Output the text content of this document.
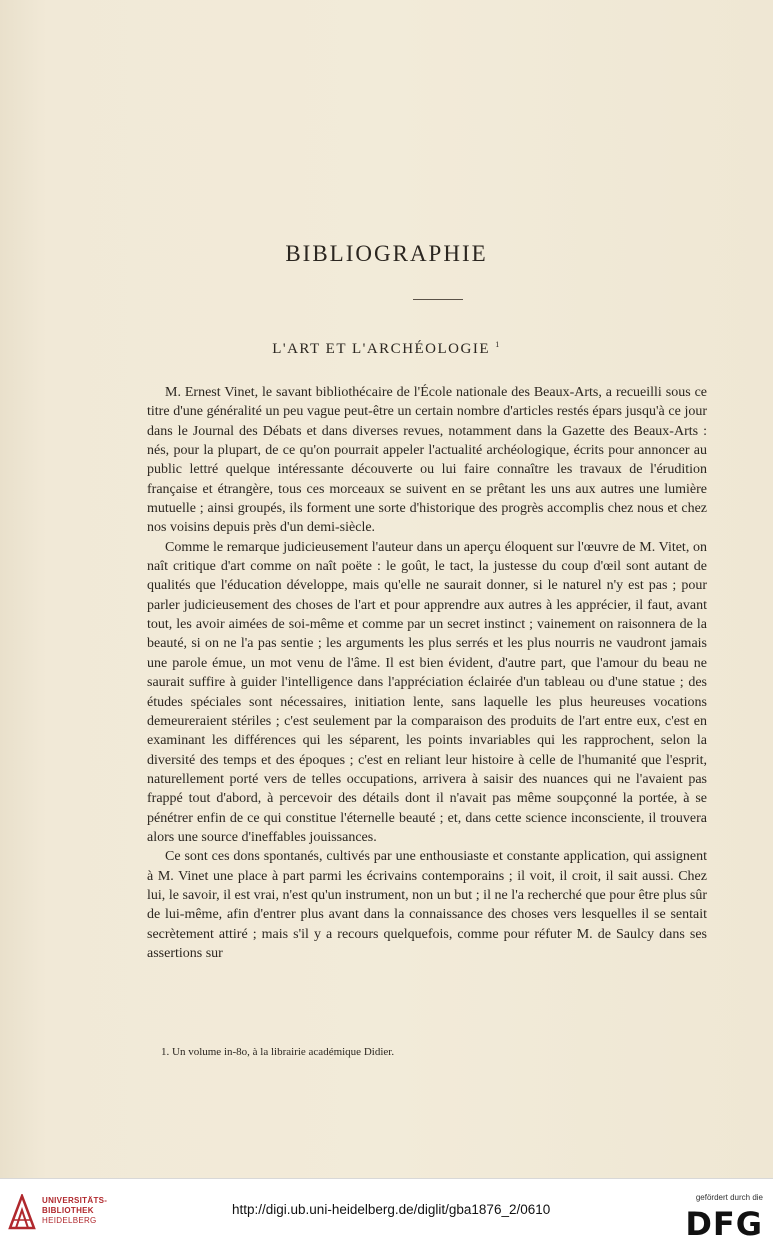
BIBLIOGRAPHIE
L'ART ET L'ARCHÉOLOGIE $^1$

M. Ernest Vinet, le savant bibliothécaire de l'École nationale des Beaux-Arts, a recueilli sous ce titre d'une généralité un peu vague peut-être un certain nombre d'articles restés épars jusqu'à ce jour dans le Journal des Débats et dans diverses revues, notamment dans la Gazette des Beaux-Arts : nés, pour la plupart, de ce qu'on pourrait appeler l'actualité archéologique, écrits pour annoncer au public lettré quelque intéressante découverte ou lui faire connaître les travaux de l'érudition française et étrangère, tous ces morceaux se suivent en se prêtant les uns aux autres une lumière mutuelle ; ainsi groupés, ils forment une sorte d'historique des progrès accomplis chez nous et chez nos voisins depuis près d'un demi-siècle.

Comme le remarque judicieusement l'auteur dans un aperçu éloquent sur l'œuvre de M. Vitet, on naît critique d'art comme on naît poëte : le goût, le tact, la justesse du coup d'œil sont autant de qualités que l'éducation développe, mais qu'elle ne saurait donner, si le naturel n'y est pas ; pour parler judicieusement des choses de l'art et pour apprendre aux autres à les apprécier, il faut, avant tout, les avoir aimées de soi-même et comme par un secret instinct ; vainement on raisonnera de la beauté, si on ne l'a pas sentie ; les arguments les plus serrés et les plus nourris ne vaudront jamais une parole émue, un mot venu de l'âme. Il est bien évident, d'autre part, que l'amour du beau ne saurait suffire à guider l'intelligence dans l'appréciation éclairée d'un tableau ou d'une statue ; des études spéciales sont nécessaires, initiation lente, sans laquelle les plus heureuses vocations demeureraient stériles ; c'est seulement par la comparaison des produits de l'art entre eux, c'est en examinant les différences qui les séparent, les points invariables qui les rapprochent, selon la diversité des temps et des époques ; c'est en reliant leur histoire à celle de l'humanité que l'esprit, naturellement porté vers de telles occupations, arrivera à saisir des nuances qui ne l'avaient pas frappé tout d'abord, à percevoir des détails dont il n'avait pas même soupçonné la portée, à se pénétrer enfin de ce qui constitue l'éternelle beauté ; et, dans cette science inconsciente, il trouvera alors une source d'ineffables jouissances.

Ce sont ces dons spontanés, cultivés par une enthousiaste et constante application, qui assignent à M. Vinet une place à part parmi les écrivains contemporains ; il voit, il croit, il sait aussi. Chez lui, le savoir, il est vrai, n'est qu'un instrument, non un but ; il ne l'a recherché que pour être plus sûr de lui-même, afin d'entrer plus avant dans la connaissance des choses vers lesquelles il se sentait secrètement attiré ; mais s'il y a recours quelquefois, comme pour réfuter M. de Saulcy dans ses assertions sur

1. Un volume in-8o, à la librairie académique Didier.
UNIVERSITÄTS-
BIBLIOTHEK
HEIDELBERG
http://digi.ub.uni-heidelberg.de/diglit/gba1876_2/0610
gefördert durch die
DFG
